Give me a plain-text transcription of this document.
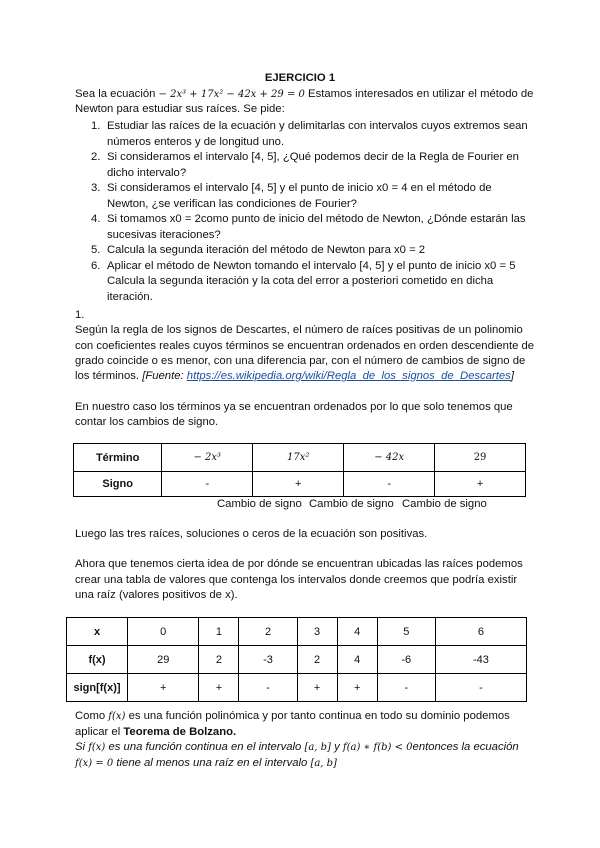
EJERCICIO 1
Sea la ecuación − 2x³ + 17x² − 42x + 29 = 0 Estamos interesados en utilizar el método de
Newton para estudiar sus raíces. Se pide:
1. Estudiar las raíces de la ecuación y delimitarlas con intervalos cuyos extremos sean
números enteros y de longitud uno.
2. Si consideramos el intervalo [4, 5], ¿Qué podemos decir de la Regla de Fourier en
dicho intervalo?
3. Si consideramos el intervalo [4, 5] y el punto de inicio x0 = 4 en el método de
Newton, ¿se verifican las condiciones de Fourier?
4. Si tomamos x0 = 2como punto de inicio del método de Newton, ¿Dónde estarán las
sucesivas iteraciones?
5. Calcula la segunda iteración del método de Newton para x0 = 2
6. Aplicar el método de Newton tomando el intervalo [4, 5] y el punto de inicio x0 = 5
Calcula la segunda iteración y la cota del error a posteriori cometido en dicha
iteración.
1.
Según la regla de los signos de Descartes, el número de raíces positivas de un polinomio
con coeficientes reales cuyos términos se encuentran ordenados en orden descendiente de
grado coincide o es menor, con una diferencia par, con el número de cambios de signo de
los términos. [Fuente: https://es.wikipedia.org/wiki/Regla_de_los_signos_de_Descartes]
En nuestro caso los términos ya se encuentran ordenados por lo que solo tenemos que
contar los cambios de signo.
Término	− 2x³	17x²	− 42x	29
Signo	-	+	-	+
Cambio de signo Cambio de signo Cambio de signo
Luego las tres raíces, soluciones o ceros de la ecuación son positivas.
Ahora que tenemos cierta idea de por dónde se encuentran ubicadas las raíces podemos
crear una tabla de valores que contenga los intervalos donde creemos que podría existir
una raíz (valores positivos de x).
x	0	1	2	3	4	5	6
f(x)	29	2	-3	2	4	-6	-43
sign[f(x)]	+	+	-	+	+	-	-
Como f(x) es una función polinómica y por tanto continua en todo su dominio podemos
aplicar el Teorema de Bolzano.
Si f(x) es una función continua en el intervalo [a, b] y f(a) ∗ f(b) < 0entonces la ecuación
f(x) = 0 tiene al menos una raíz en el intervalo [a, b]
